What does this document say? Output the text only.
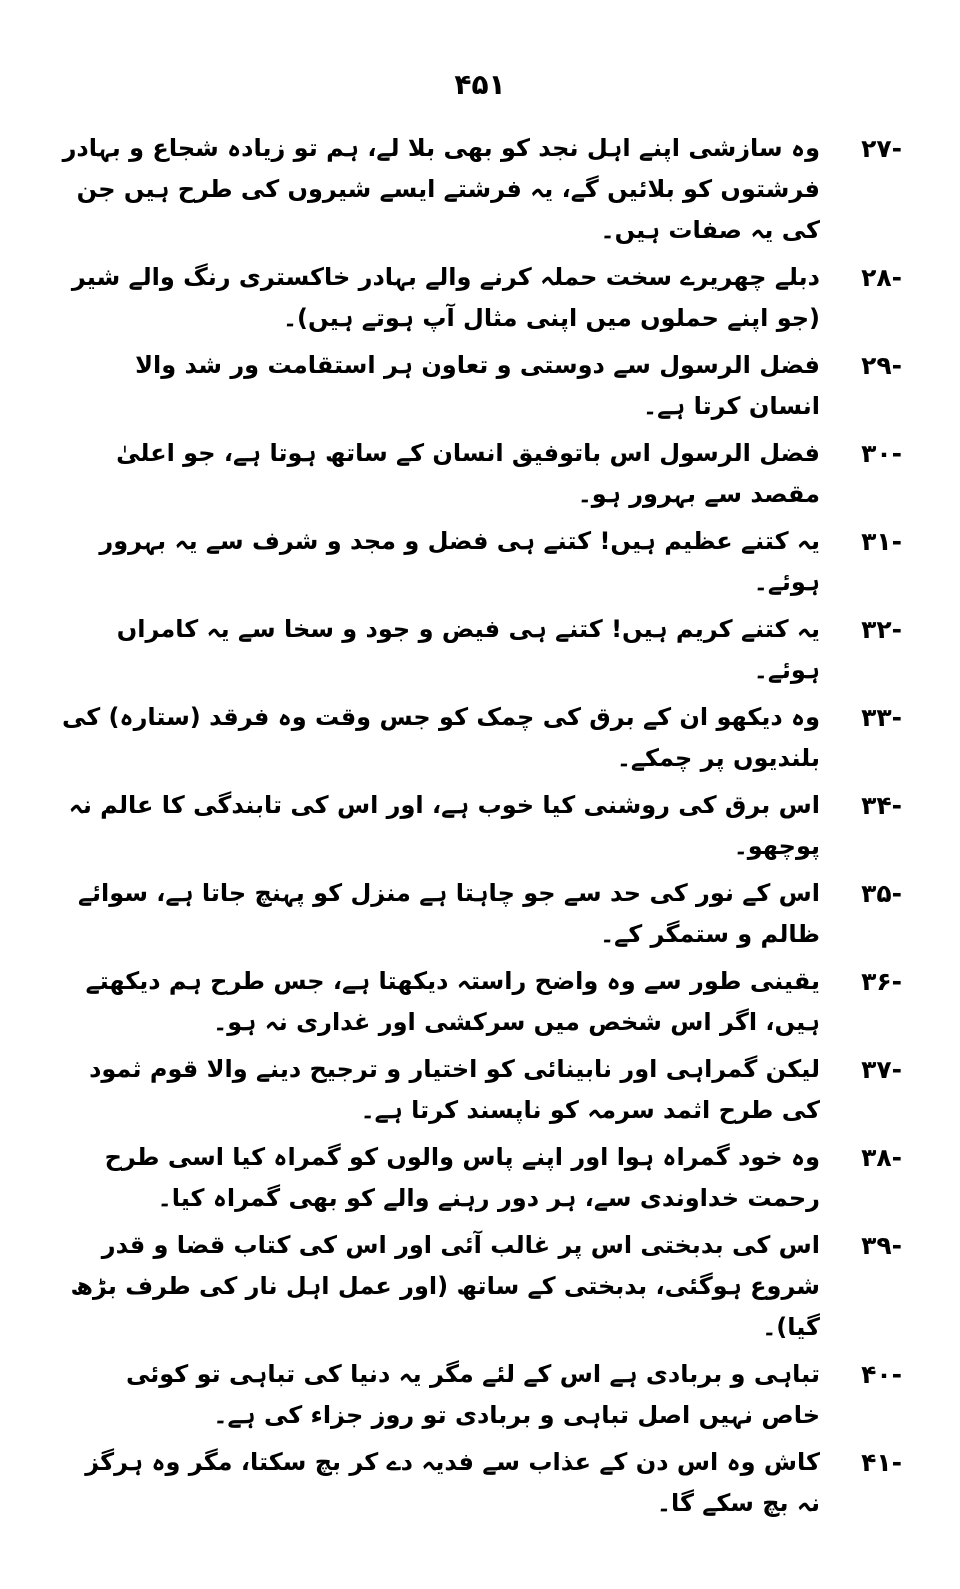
۴۵۱
-۲۷
وہ سازشی اپنے اہل نجد کو بھی بلا لے، ہم تو زیادہ شجاع و بہادر فرشتوں کو بلائیں گے، یہ فرشتے ایسے شیروں کی طرح ہیں جن کی یہ صفات ہیں۔
-۲۸
دبلے چھریرے سخت حملہ کرنے والے بہادر خاکستری رنگ والے شیر (جو اپنے حملوں میں اپنی مثال آپ ہوتے ہیں)۔
-۲۹
فضل الرسول سے دوستی و تعاون ہر استقامت ور شد والا انسان کرتا ہے۔
-۳۰
فضل الرسول اس باتوفیق انسان کے ساتھ ہوتا ہے، جو اعلیٰ مقصد سے بہرور ہو۔
-۳۱
یہ کتنے عظیم ہیں! کتنے ہی فضل و مجد و شرف سے یہ بہرور ہوئے۔
-۳۲
یہ کتنے کریم ہیں! کتنے ہی فیض و جود و سخا سے یہ کامراں ہوئے۔
-۳۳
وہ دیکھو ان کے برق کی چمک کو جس وقت وہ فرقد (ستارہ) کی بلندیوں پر چمکے۔
-۳۴
اس برق کی روشنی کیا خوب ہے، اور اس کی تابندگی کا عالم نہ پوچھو۔
-۳۵
اس کے نور کی حد سے جو چاہتا ہے منزل کو پہنچ جاتا ہے، سوائے ظالم و ستمگر کے۔
-۳۶
یقینی طور سے وہ واضح راستہ دیکھتا ہے، جس طرح ہم دیکھتے ہیں، اگر اس شخص میں سرکشی اور غداری نہ ہو۔
-۳۷
لیکن گمراہی اور نابینائی کو اختیار و ترجیح دینے والا قوم ثمود کی طرح اثمد سرمہ کو ناپسند کرتا ہے۔
-۳۸
وہ خود گمراہ ہوا اور اپنے پاس والوں کو گمراہ کیا اسی طرح رحمت خداوندی سے، ہر دور رہنے والے کو بھی گمراہ کیا۔
-۳۹
اس کی بدبختی اس پر غالب آئی اور اس کی کتاب قضا و قدر شروع ہوگئی، بدبختی کے ساتھ (اور عمل اہل نار کی طرف بڑھ گیا)۔
-۴۰
تباہی و بربادی ہے اس کے لئے مگر یہ دنیا کی تباہی تو کوئی خاص نہیں اصل تباہی و بربادی تو روز جزاء کی ہے۔
-۴۱
کاش وہ اس دن کے عذاب سے فدیہ دے کر بچ سکتا، مگر وہ ہرگز نہ بچ سکے گا۔
